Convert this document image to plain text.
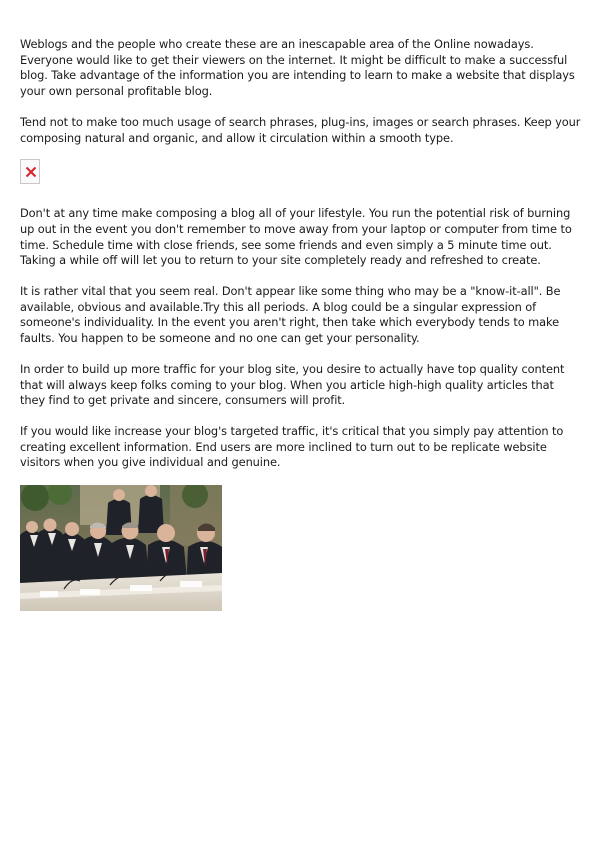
Weblogs and the people who create these are an inescapable area of the Online nowadays. Everyone would like to get their viewers on the internet. It might be difficult to make a successful blog. Take advantage of the information you are intending to learn to make a website that displays your own personal profitable blog.

Tend not to make too much usage of search phrases, plug-ins, images or search phrases. Keep your composing natural and organic, and allow it circulation within a smooth type.

Don't at any time make composing a blog all of your lifestyle. You run the potential risk of burning up out in the event you don't remember to move away from your laptop or computer from time to time. Schedule time with close friends, see some friends and even simply a 5 minute time out. Taking a while off will let you to return to your site completely ready and refreshed to create.

It is rather vital that you seem real. Don't appear like some thing who may be a "know-it-all". Be available, obvious and available.Try this all periods. A blog could be a singular expression of someone's individuality. In the event you aren't right, then take which everybody tends to make faults. You happen to be someone and no one can get your personality.

In order to build up more traffic for your blog site, you desire to actually have top quality content that will always keep folks coming to your blog. When you article high-high quality articles that they find to get private and sincere, consumers will profit.

If you would like increase your blog's targeted traffic, it's critical that you simply pay attention to creating excellent information. End users are more inclined to turn out to be replicate website visitors when you give individual and genuine.
